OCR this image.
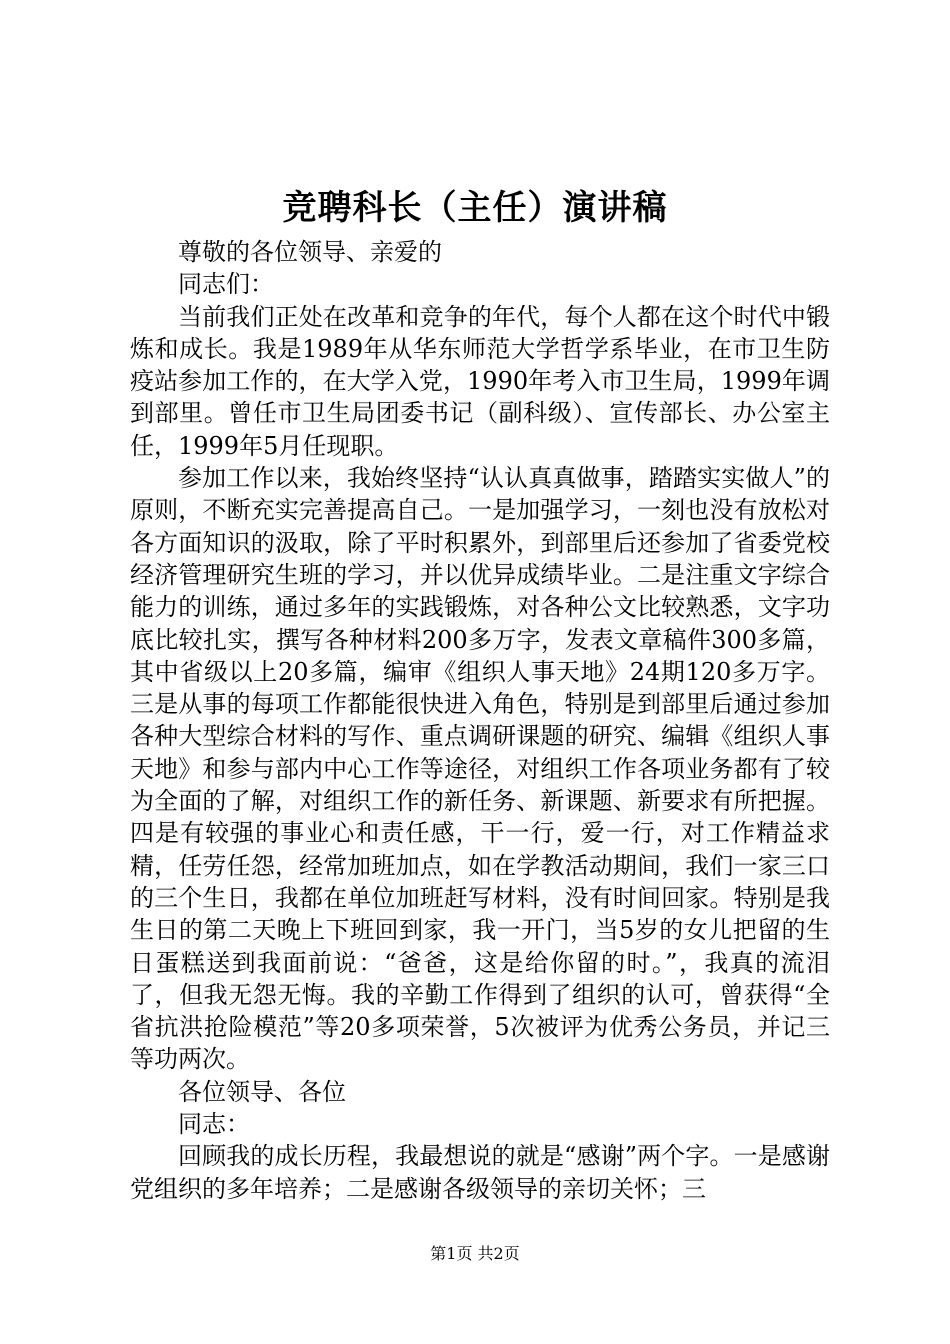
竞聘科长（主任）演讲稿

尊敬的各位领导、亲爱的

同志们：

当前我们正处在改革和竞争的年代，每个人都在这个时代中锻炼和成长。我是1989年从华东师范大学哲学系毕业，在市卫生防疫站参加工作的，在大学入党，1990年考入市卫生局，1999年调到部里。曾任市卫生局团委书记（副科级）、宣传部长、办公室主任，1999年5月任现职。

参加工作以来，我始终坚持“认认真真做事，踏踏实实做人”的原则，不断充实完善提高自己。一是加强学习，一刻也没有放松对各方面知识的汲取，除了平时积累外，到部里后还参加了省委党校经济管理研究生班的学习，并以优异成绩毕业。二是注重文字综合能力的训练，通过多年的实践锻炼，对各种公文比较熟悉，文字功底比较扎实，撰写各种材料200多万字，发表文章稿件300多篇，其中省级以上20多篇，编审《组织人事天地》24期120多万字。三是从事的每项工作都能很快进入角色，特别是到部里后通过参加各种大型综合材料的写作、重点调研课题的研究、编辑《组织人事天地》和参与部内中心工作等途径，对组织工作各项业务都有了较为全面的了解，对组织工作的新任务、新课题、新要求有所把握。四是有较强的事业心和责任感，干一行，爱一行，对工作精益求精，任劳任怨，经常加班加点，如在学教活动期间，我们一家三口的三个生日，我都在单位加班赶写材料，没有时间回家。特别是我生日的第二天晚上下班回到家，我一开门，当5岁的女儿把留的生日蛋糕送到我面前说：“爸爸，这是给你留的时。”，我真的流泪了，但我无怨无悔。我的辛勤工作得到了组织的认可，曾获得“全省抗洪抢险模范”等20多项荣誉，5次被评为优秀公务员，并记三等功两次。

各位领导、各位

同志：

回顾我的成长历程，我最想说的就是“感谢”两个字。一是感谢党组织的多年培养；二是感谢各级领导的亲切关怀；三

第1页 共2页
